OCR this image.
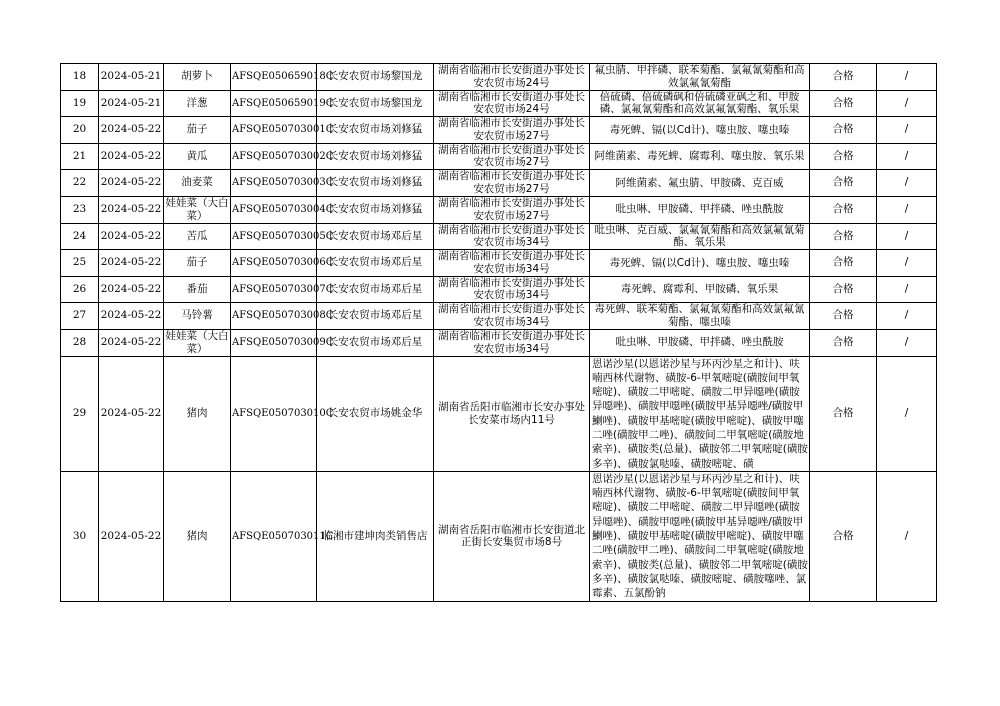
18	2024-05-21	胡萝卜	AFSQE050659018C	长安农贸市场黎国龙	湖南省临湘市长安街道办事处长安农贸市场24号	氟虫腈、甲拌磷、联苯菊酯、氯氟氰菊酯和高效氯氟氰菊酯	合格	/
19	2024-05-21	洋葱	AFSQE050659019C	长安农贸市场黎国龙	湖南省临湘市长安街道办事处长安农贸市场24号	倍硫磷、倍硫磷砜和倍硫磷亚砜之和、甲胺磷、氯氟氰菊酯和高效氯氟氰菊酯、氧乐果	合格	/
20	2024-05-22	茄子	AFSQE050703001C	长安农贸市场刘修猛	湖南省临湘市长安街道办事处长安农贸市场27号	毒死蜱、镉(以Cd计)、噻虫胺、噻虫嗪	合格	/
21	2024-05-22	黄瓜	AFSQE050703002C	长安农贸市场刘修猛	湖南省临湘市长安街道办事处长安农贸市场27号	阿维菌素、毒死蜱、腐霉利、噻虫胺、氧乐果	合格	/
22	2024-05-22	油麦菜	AFSQE050703003C	长安农贸市场刘修猛	湖南省临湘市长安街道办事处长安农贸市场27号	阿维菌素、氟虫腈、甲胺磷、克百威	合格	/
23	2024-05-22	娃娃菜（大白菜）	AFSQE050703004C	长安农贸市场刘修猛	湖南省临湘市长安街道办事处长安农贸市场27号	吡虫啉、甲胺磷、甲拌磷、唑虫酰胺	合格	/
24	2024-05-22	苦瓜	AFSQE050703005C	长安农贸市场邓后星	湖南省临湘市长安街道办事处长安农贸市场34号	吡虫啉、克百威、氯氟氰菊酯和高效氯氟氰菊酯、氧乐果	合格	/
25	2024-05-22	茄子	AFSQE050703006C	长安农贸市场邓后星	湖南省临湘市长安街道办事处长安农贸市场34号	毒死蜱、镉(以Cd计)、噻虫胺、噻虫嗪	合格	/
26	2024-05-22	番茄	AFSQE050703007C	长安农贸市场邓后星	湖南省临湘市长安街道办事处长安农贸市场34号	毒死蜱、腐霉利、甲胺磷、氧乐果	合格	/
27	2024-05-22	马铃薯	AFSQE050703008C	长安农贸市场邓后星	湖南省临湘市长安街道办事处长安农贸市场34号	毒死蜱、联苯菊酯、氯氟氰菊酯和高效氯氟氰菊酯、噻虫嗪	合格	/
28	2024-05-22	娃娃菜（大白菜）	AFSQE050703009C	长安农贸市场邓后星	湖南省临湘市长安街道办事处长安农贸市场34号	吡虫啉、甲胺磷、甲拌磷、唑虫酰胺	合格	/
29	2024-05-22	猪肉	AFSQE050703010C	长安农贸市场姚金华	湖南省岳阳市临湘市长安办事处长安菜市场内11号	恩诺沙星(以恩诺沙星与环丙沙星之和计)、呋喃西林代谢物、磺胺-6-甲氧嘧啶(磺胺间甲氧嘧啶)、磺胺二甲嘧啶、磺胺二甲异噁唑(磺胺异噁唑)、磺胺甲噁唑(磺胺甲基异噁唑/磺胺甲鯻唑)、磺胺甲基嘧啶(磺胺甲嘧啶)、磺胺甲噻二唑(磺胺甲二唑)、磺胺间二甲氧嘧啶(磺胺地索辛)、磺胺类(总量)、磺胺邻二甲氧嘧啶(磺胺多辛)、磺胺氯哒嗪、磺胺嘧啶、磺	合格	/
30	2024-05-22	猪肉	AFSQE050703011C	临湘市建坤肉类销售店	湖南省岳阳市临湘市长安街道北正街长安集贸市场8号	恩诺沙星(以恩诺沙星与环丙沙星之和计)、呋喃西林代谢物、磺胺-6-甲氧嘧啶(磺胺间甲氧嘧啶)、磺胺二甲嘧啶、磺胺二甲异噁唑(磺胺异噁唑)、磺胺甲噁唑(磺胺甲基异噁唑/磺胺甲鯻唑)、磺胺甲基嘧啶(磺胺甲嘧啶)、磺胺甲噻二唑(磺胺甲二唑)、磺胺间二甲氧嘧啶(磺胺地索辛)、磺胺类(总量)、磺胺邻二甲氧嘧啶(磺胺多辛)、磺胺氯哒嗪、磺胺嘧啶、磺胺噻唑、氯霉素、五氯酚钠	合格	/
